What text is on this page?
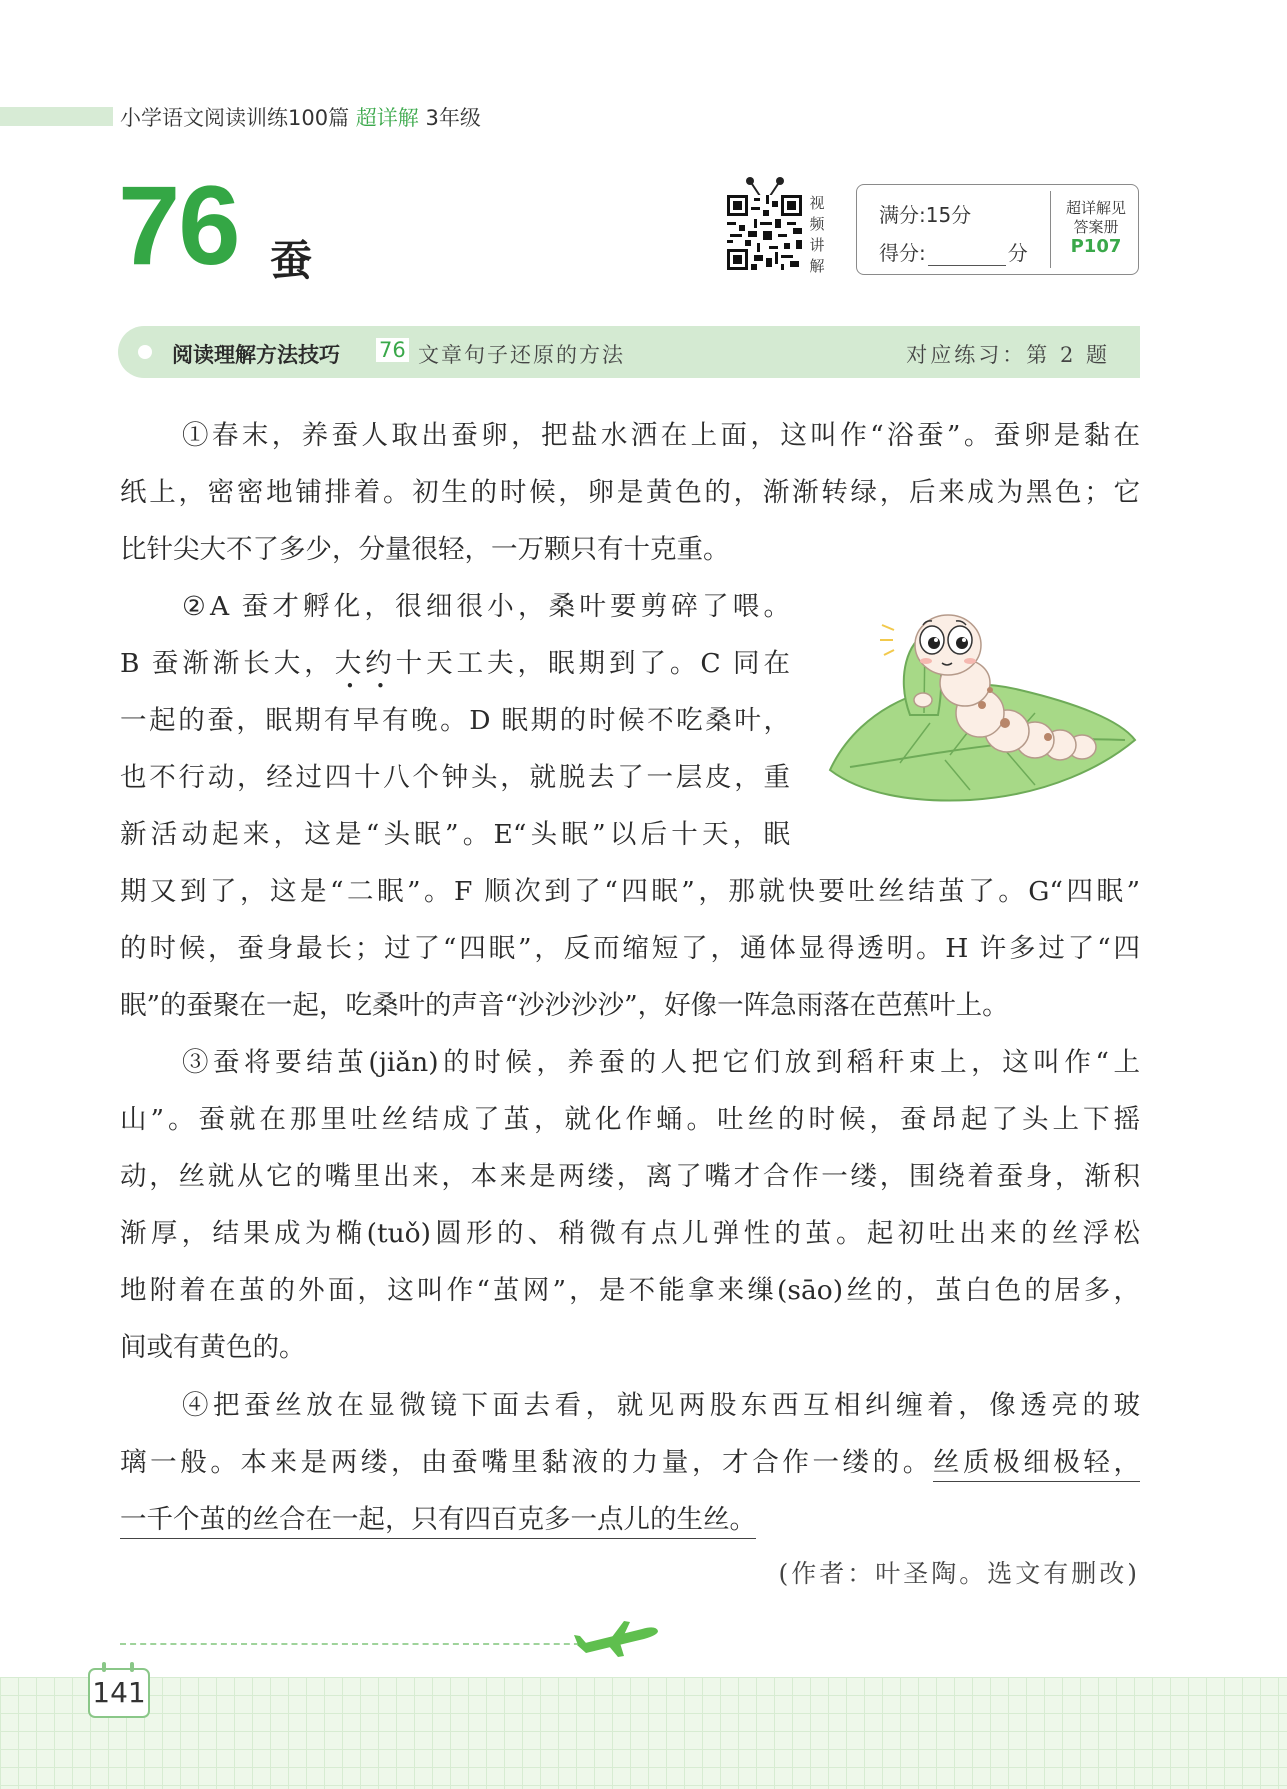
小学语文阅读训练100篇 超详解 3年级
76 蚕
视
频
讲
解
满分:15分
得分:	分
超详解见
答案册
P107
阅读理解方法技巧 76 文章句子还原的方法	对应练习：第 2 题

①春末，养蚕人取出蚕卵，把盐水洒在上面，这叫作“浴蚕”。蚕卵是黏在

纸上，密密地铺排着。初生的时候，卵是黄色的，渐渐转绿，后来成为黑色；它

比针尖大不了多少，分量很轻，一万颗只有十克重。

②A 蚕才孵化，很细很小，桑叶要剪碎了喂。

B 蚕渐渐长大，大约十天工夫，眠期到了。C 同在

一起的蚕，眠期有早有晚。D 眠期的时候不吃桑叶，

也不行动，经过四十八个钟头，就脱去了一层皮，重

新活动起来，这是“头眠”。E“头眠”以后十天，眠

期又到了，这是“二眠”。F 顺次到了“四眠”，那就快要吐丝结茧了。G“四眠”

的时候，蚕身最长；过了“四眠”，反而缩短了，通体显得透明。H 许多过了“四

眠”的蚕聚在一起，吃桑叶的声音“沙沙沙沙”，好像一阵急雨落在芭蕉叶上。

③蚕将要结茧(jiǎn)的时候，养蚕的人把它们放到稻秆束上，这叫作“上

山”。蚕就在那里吐丝结成了茧，就化作蛹。吐丝的时候，蚕昂起了头上下摇

动，丝就从它的嘴里出来，本来是两缕，离了嘴才合作一缕，围绕着蚕身，渐积

渐厚，结果成为椭(tuǒ)圆形的、稍微有点儿弹性的茧。起初吐出来的丝浮松

地附着在茧的外面，这叫作“茧网”，是不能拿来缫(sāo)丝的，茧白色的居多，

间或有黄色的。

④把蚕丝放在显微镜下面去看，就见两股东西互相纠缠着，像透亮的玻

璃一般。本来是两缕，由蚕嘴里黏液的力量，才合作一缕的。丝质极细极轻，

一千个茧的丝合在一起，只有四百克多一点儿的生丝。

(作者：叶圣陶。选文有删改)
141
